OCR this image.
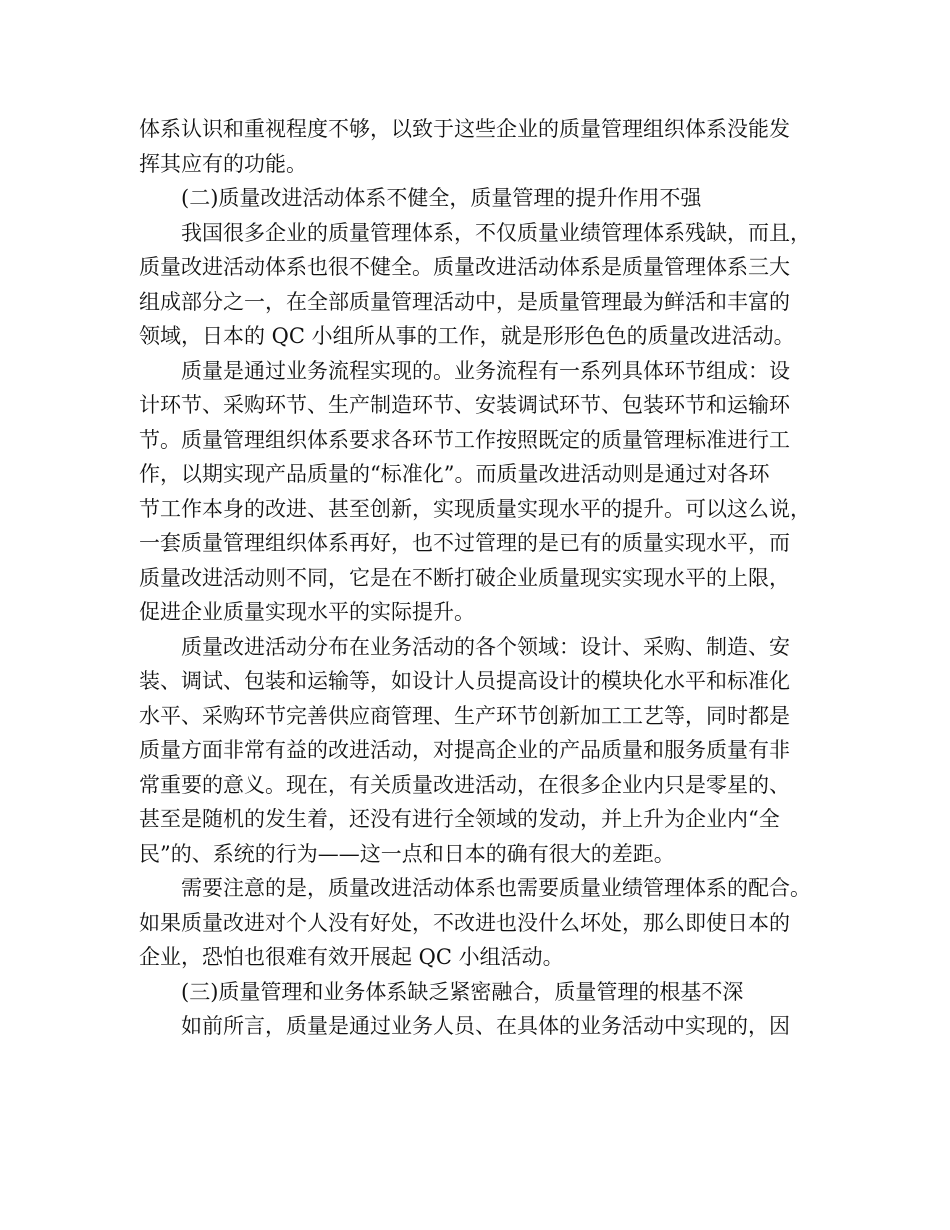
体系认识和重视程度不够，以致于这些企业的质量管理组织体系没能发
挥其应有的功能。
(二)质量改进活动体系不健全，质量管理的提升作用不强
我国很多企业的质量管理体系，不仅质量业绩管理体系残缺，而且，
质量改进活动体系也很不健全。质量改进活动体系是质量管理体系三大
组成部分之一，在全部质量管理活动中，是质量管理最为鲜活和丰富的
领域，日本的 QC 小组所从事的工作，就是形形色色的质量改进活动。
质量是通过业务流程实现的。业务流程有一系列具体环节组成：设
计环节、采购环节、生产制造环节、安装调试环节、包装环节和运输环
节。质量管理组织体系要求各环节工作按照既定的质量管理标准进行工
作，以期实现产品质量的“标准化”。而质量改进活动则是通过对各环
节工作本身的改进、甚至创新，实现质量实现水平的提升。可以这么说，
一套质量管理组织体系再好，也不过管理的是已有的质量实现水平，而
质量改进活动则不同，它是在不断打破企业质量现实实现水平的上限，
促进企业质量实现水平的实际提升。
质量改进活动分布在业务活动的各个领域：设计、采购、制造、安
装、调试、包装和运输等，如设计人员提高设计的模块化水平和标准化
水平、采购环节完善供应商管理、生产环节创新加工工艺等，同时都是
质量方面非常有益的改进活动，对提高企业的产品质量和服务质量有非
常重要的意义。现在，有关质量改进活动，在很多企业内只是零星的、
甚至是随机的发生着，还没有进行全领域的发动，并上升为企业内“全
民”的、系统的行为——这一点和日本的确有很大的差距。
需要注意的是，质量改进活动体系也需要质量业绩管理体系的配合。
如果质量改进对个人没有好处，不改进也没什么坏处，那么即使日本的
企业，恐怕也很难有效开展起 QC 小组活动。
(三)质量管理和业务体系缺乏紧密融合，质量管理的根基不深
如前所言，质量是通过业务人员、在具体的业务活动中实现的，因
